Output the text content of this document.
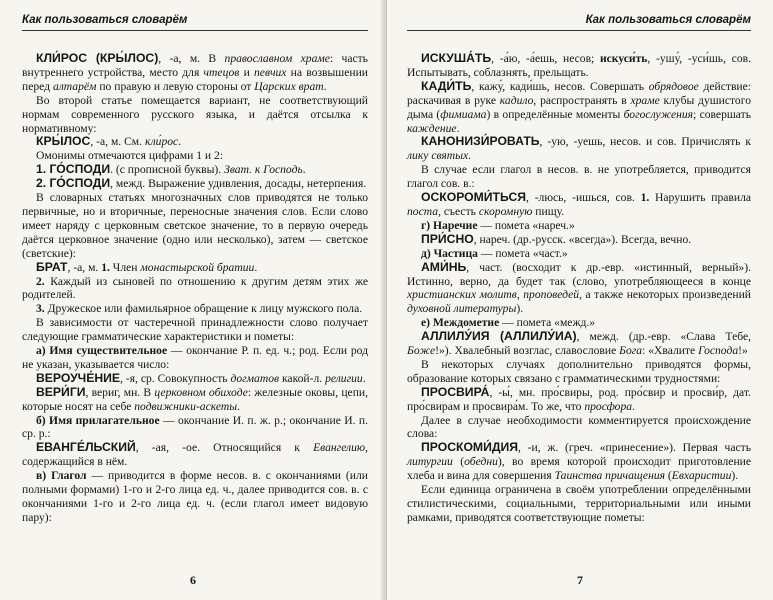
Как пользоваться словарём

КЛИ́РОС (КРЫ́ЛОС), -а, м. В православном храме: часть внутреннего устройства, место для чтецов и певчих на возвышении перед алтарём по правую и левую стороны от Царских врат.

Во второй статье помещается вариант, не соответствующий нормам современного русского языка, и даётся отсылка к нормативному:

КРЫ́ЛОС, -а, м. См. кли́рос.

Омонимы отмечаются цифрами 1 и 2:

1. ГО́СПОДИ. (с прописной буквы). Зват. к Господь.

2. ГО́СПОДИ, межд. Выражение удивления, досады, нетерпения.

В словарных статьях многозначных слов приводятся не только первичные, но и вторичные, переносные значения слов. Если слово имеет наряду с церковным светское значение, то в первую очередь даётся церковное значение (одно или несколько), затем — светское (светские):

БРАТ, -а, м. 1. Член монастырской братии.

2. Каждый из сыновей по отношению к другим детям этих же родителей.

3. Дружеское или фамильярное обращение к лицу мужского пола.

В зависимости от частеречной принадлежности слово получает следующие грамматические характеристики и пометы:

а) Имя существительное — окончание Р. п. ед. ч.; род. Если род не указан, указывается число:

ВЕРОУЧЕ́НИЕ, -я, ср. Совокупность догматов какой-л. религии.

ВЕРИ́ГИ, вериг, мн. В церковном обиходе: железные оковы, цепи, которые носят на себе подвижники-аскеты.

б) Имя прилагательное — окончание И. п. ж. р.; окончание И. п. ср. р.:

ЕВАНГЕ́ЛЬСКИЙ, -ая, -ое. Относящийся к Евангелию, содержащийся в нём.

в) Глагол — приводится в форме несов. в. с окончаниями (или полными формами) 1-го и 2-го лица ед. ч., далее приводится сов. в. с окончаниями 1-го и 2-го лица ед. ч. (если глагол имеет видовую пару):

6
Как пользоваться словарём

ИСКУША́ТЬ, -а́ю, -а́ешь, несов; искуси́ть, -ушу́, -уси́шь, сов. Испытывать, соблазнять, прельщать.

КАДИ́ТЬ, кажу́, кади́шь, несов. Совершать обрядовое действие: раскачивая в руке кадило, распространять в храме клубы душистого дыма (фимиама) в определённые моменты богослужения; совершать каждение.

КАНОНИЗИ́РОВАТЬ, -ую, -уешь, несов. и сов. Причислять к лику святых.

В случае если глагол в несов. в. не употребляется, приводится глагол сов. в.:

ОСКОРОМИ́ТЬСЯ, -люсь, -ишься, сов. 1. Нарушить правила поста, съесть скоромную пищу.

г) Наречие — помета «нареч.»

ПРИ́СНО, нареч. (др.-русск. «всегда»). Всегда, вечно.

д) Частица — помета «част.»

АМИ́НЬ, част. (восходит к др.-евр. «истинный, верный»). Истинно, верно, да будет так (слово, употребляющееся в конце христианских молитв, проповедей, а также некоторых произведений духовной литературы).

е) Междометие — помета «межд.»

АЛЛИЛУ́ИЯ (АЛЛИЛУ́ИА), межд. (др.-евр. «Слава Тебе, Боже!»). Хвалебный возглас, славословие Бога: «Хвалите Господа!»

В некоторых случаях дополнительно приводятся формы, образование которых связано с грамматическими трудностями:

ПРОСВИРА́, -ы́, мн. про́свиры, род. про́свир и просви́р, дат. про́свирам и просвира́м. То же, что просфора.

Далее в случае необходимости комментируется происхождение слова:

ПРОСКОМИ́ДИЯ, -и, ж. (греч. «принесение»). Первая часть литургии (обедни), во время которой происходит приготовление хлеба и вина для совершения Таинства причащения (Евхаристии).

Если единица ограничена в своём употреблении определёнными стилистическими, социальными, территориальными или иными рамками, приводятся соответствующие пометы:

7
